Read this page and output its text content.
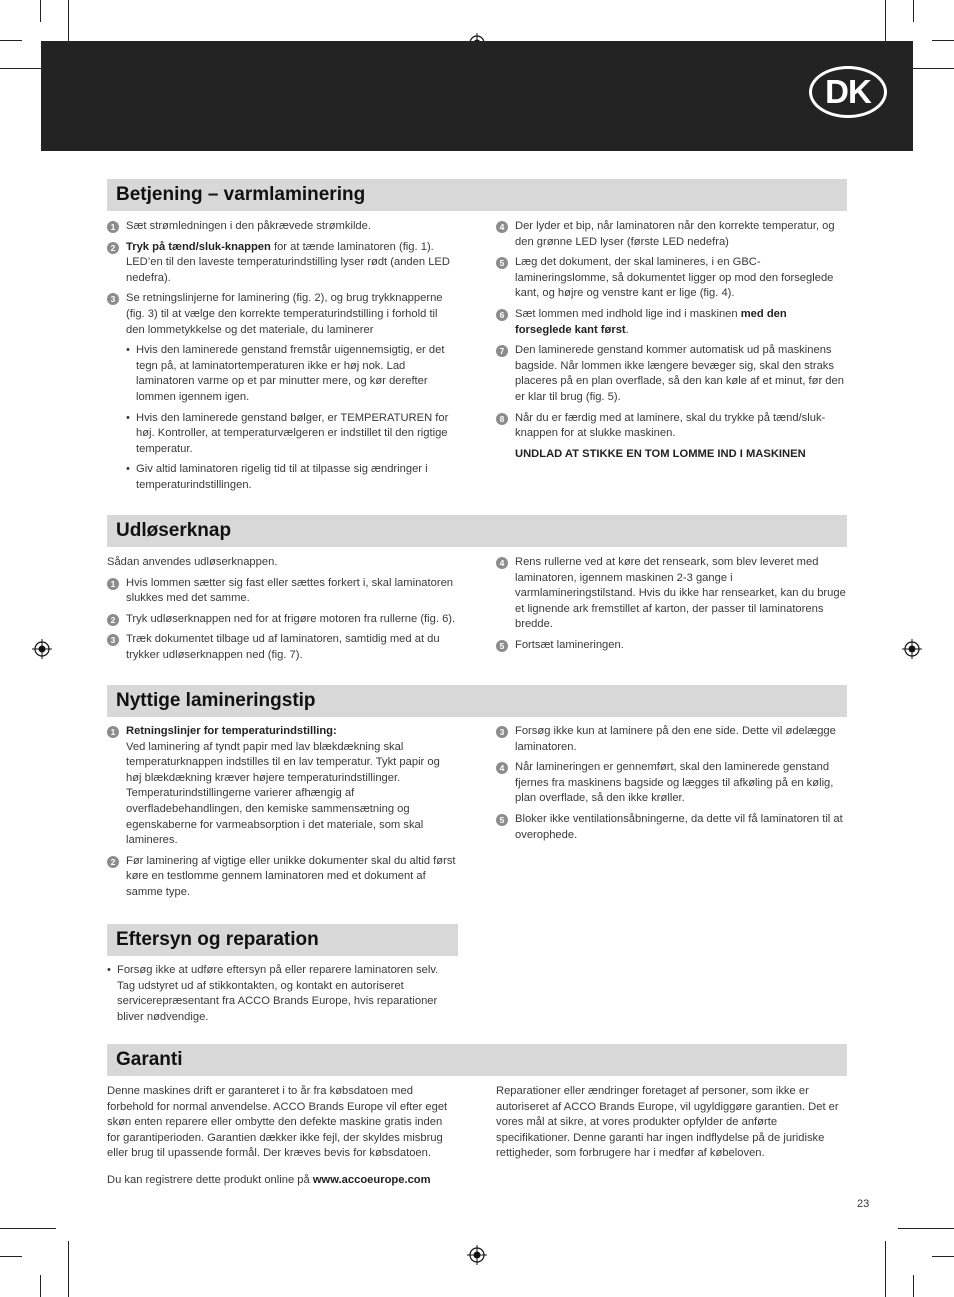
DK
Betjening – varmlaminering
1 Sæt strømledningen i den påkrævede strømkilde.
2 Tryk på tænd/sluk-knappen for at tænde laminatoren (fig. 1). LED’en til den laveste temperaturindstilling lyser rødt (anden LED nedefra).
3 Se retningslinjerne for laminering (fig. 2), og brug trykknapperne (fig. 3) til at vælge den korrekte temperaturindstilling i forhold til den lommetykkelse og det materiale, du laminerer
• Hvis den laminerede genstand fremstår uigennemsigtig, er det tegn på, at laminatortemperaturen ikke er høj nok. Lad laminatoren varme op et par minutter mere, og kør derefter lommen igennem igen.
• Hvis den laminerede genstand bølger, er TEMPERATUREN for høj. Kontroller, at temperaturvælgeren er indstillet til den rigtige temperatur.
• Giv altid laminatoren rigelig tid til at tilpasse sig ændringer i temperaturindstillingen.
4 Der lyder et bip, når laminatoren når den korrekte temperatur, og den grønne LED lyser (første LED nedefra)
5 Læg det dokument, der skal lamineres, i en GBC-lamineringslomme, så dokumentet ligger op mod den forseglede kant, og højre og venstre kant er lige (fig. 4).
6 Sæt lommen med indhold lige ind i maskinen med den forseglede kant først.
7 Den laminerede genstand kommer automatisk ud på maskinens bagside. Når lommen ikke længere bevæger sig, skal den straks placeres på en plan overflade, så den kan køle af et minut, før den er klar til brug (fig. 5).
8 Når du er færdig med at laminere, skal du trykke på tænd/sluk-knappen for at slukke maskinen.
UNDLAD AT STIKKE EN TOM LOMME IND I MASKINEN
Udløserknap
Sådan anvendes udløserknappen.
1 Hvis lommen sætter sig fast eller sættes forkert i, skal laminatoren slukkes med det samme.
2 Tryk udløserknappen ned for at frigøre motoren fra rullerne (fig. 6).
3 Træk dokumentet tilbage ud af laminatoren, samtidig med at du trykker udløserknappen ned (fig. 7).
4 Rens rullerne ved at køre det renseark, som blev leveret med laminatoren, igennem maskinen 2-3 gange i varmlamineringstilstand. Hvis du ikke har rensearket, kan du bruge et lignende ark fremstillet af karton, der passer til laminatorens bredde.
5 Fortsæt lamineringen.
Nyttige lamineringstip
1 Retningslinjer for temperaturindstilling:
Ved laminering af tyndt papir med lav blækdækning skal temperaturknappen indstilles til en lav temperatur. Tykt papir og høj blækdækning kræver højere temperaturindstillinger. Temperaturindstillingerne varierer afhængig af overfladebehandlingen, den kemiske sammensætning og egenskaberne for varmeabsorption i det materiale, som skal lamineres.
2 Før laminering af vigtige eller unikke dokumenter skal du altid først køre en testlomme gennem laminatoren med et dokument af samme type.
3 Forsøg ikke kun at laminere på den ene side. Dette vil ødelægge laminatoren.
4 Når lamineringen er gennemført, skal den laminerede genstand fjernes fra maskinens bagside og lægges til afkøling på en kølig, plan overflade, så den ikke krøller.
5 Bloker ikke ventilationsåbningerne, da dette vil få laminatoren til at overophede.
Eftersyn og reparation
• Forsøg ikke at udføre eftersyn på eller reparere laminatoren selv. Tag udstyret ud af stikkontakten, og kontakt en autoriseret servicerepræsentant fra ACCO Brands Europe, hvis reparationer bliver nødvendige.
Garanti
Denne maskines drift er garanteret i to år fra købsdatoen med forbehold for normal anvendelse. ACCO Brands Europe vil efter eget skøn enten reparere eller ombytte den defekte maskine gratis inden for garantiperioden. Garantien dækker ikke fejl, der skyldes misbrug eller brug til upassende formål. Der kræves bevis for købsdatoen.
Du kan registrere dette produkt online på www.accoeurope.com
Reparationer eller ændringer foretaget af personer, som ikke er autoriseret af ACCO Brands Europe, vil ugyldiggøre garantien. Det er vores mål at sikre, at vores produkter opfylder de anførte specifikationer. Denne garanti har ingen indflydelse på de juridiske rettigheder, som forbrugere har i medfør af købeloven.
23
